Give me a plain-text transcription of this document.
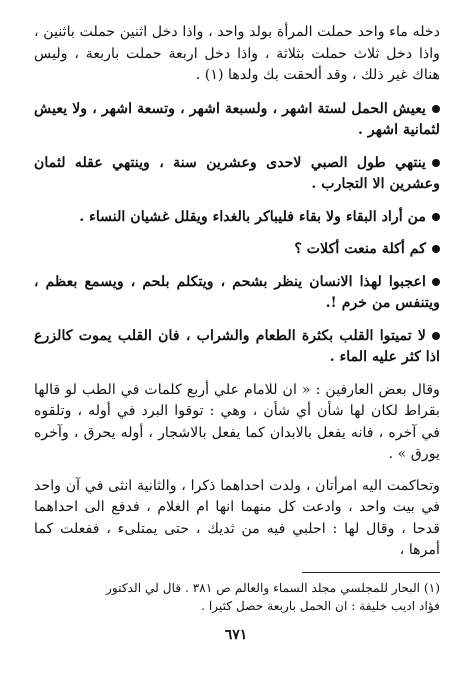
دخله ماء واحد حملت المرأة بولد واحد ، واذا دخل اثنين حملت باثنين ، واذا دخل ثلاث حملت بثلاثة ، واذا دخل اربعة حملت باربعة ، وليس هناك غير ذلك ، وقد ألحقت بك ولدها (١) .

يعيش الحمل لستة اشهر ، ولسبعة اشهر ، وتسعة اشهر ، ولا يعيش لثمانية اشهر .
ينتهي طول الصبي لاحدى وعشرين سنة ، وينتهي عقله لثمان وعشرين الا التجارب .
من أراد البقاء ولا بقاء فليباكر بالغداء ويقلل غشيان النساء .
كم أكلة منعت أكلات ؟
اعجبوا لهذا الانسان ينظر بشحم ، ويتكلم بلحم ، ويسمع بعظم ، ويتنفس من خرم !.
لا تميتوا القلب بكثرة الطعام والشراب ، فان القلب يموت كالزرع اذا كثر عليه الماء .

وقال بعض العارفين : « ان للامام علي أربع كلمات في الطب لو قالها بقراط لكان لها شأن أي شأن ، وهي : توقوا البرد في أوله ، وتلقوه في آخره ، فانه يفعل بالابدان كما يفعل بالاشجار ، أوله يحرق ، وآخره يورق » .

وتحاكمت اليه امرأتان ، ولدت احداهما ذكرا ، والثانية انثى في آن واحد في بيت واحد ، وادعت كل منهما انها ام الغلام ، فدفع الى احداهما قدحا ، وقال لها : احلبي فيه من ثديك ، حتى يمتلىء ، ففعلت كما أمرها ،

(١) البحار للمجلسي مجلد السماء والعالم ص ٣٨١ . قال لي الدكتور

فؤاد اديب خليفة : ان الحمل باربعة حصل كثيرا .

٦٧١
